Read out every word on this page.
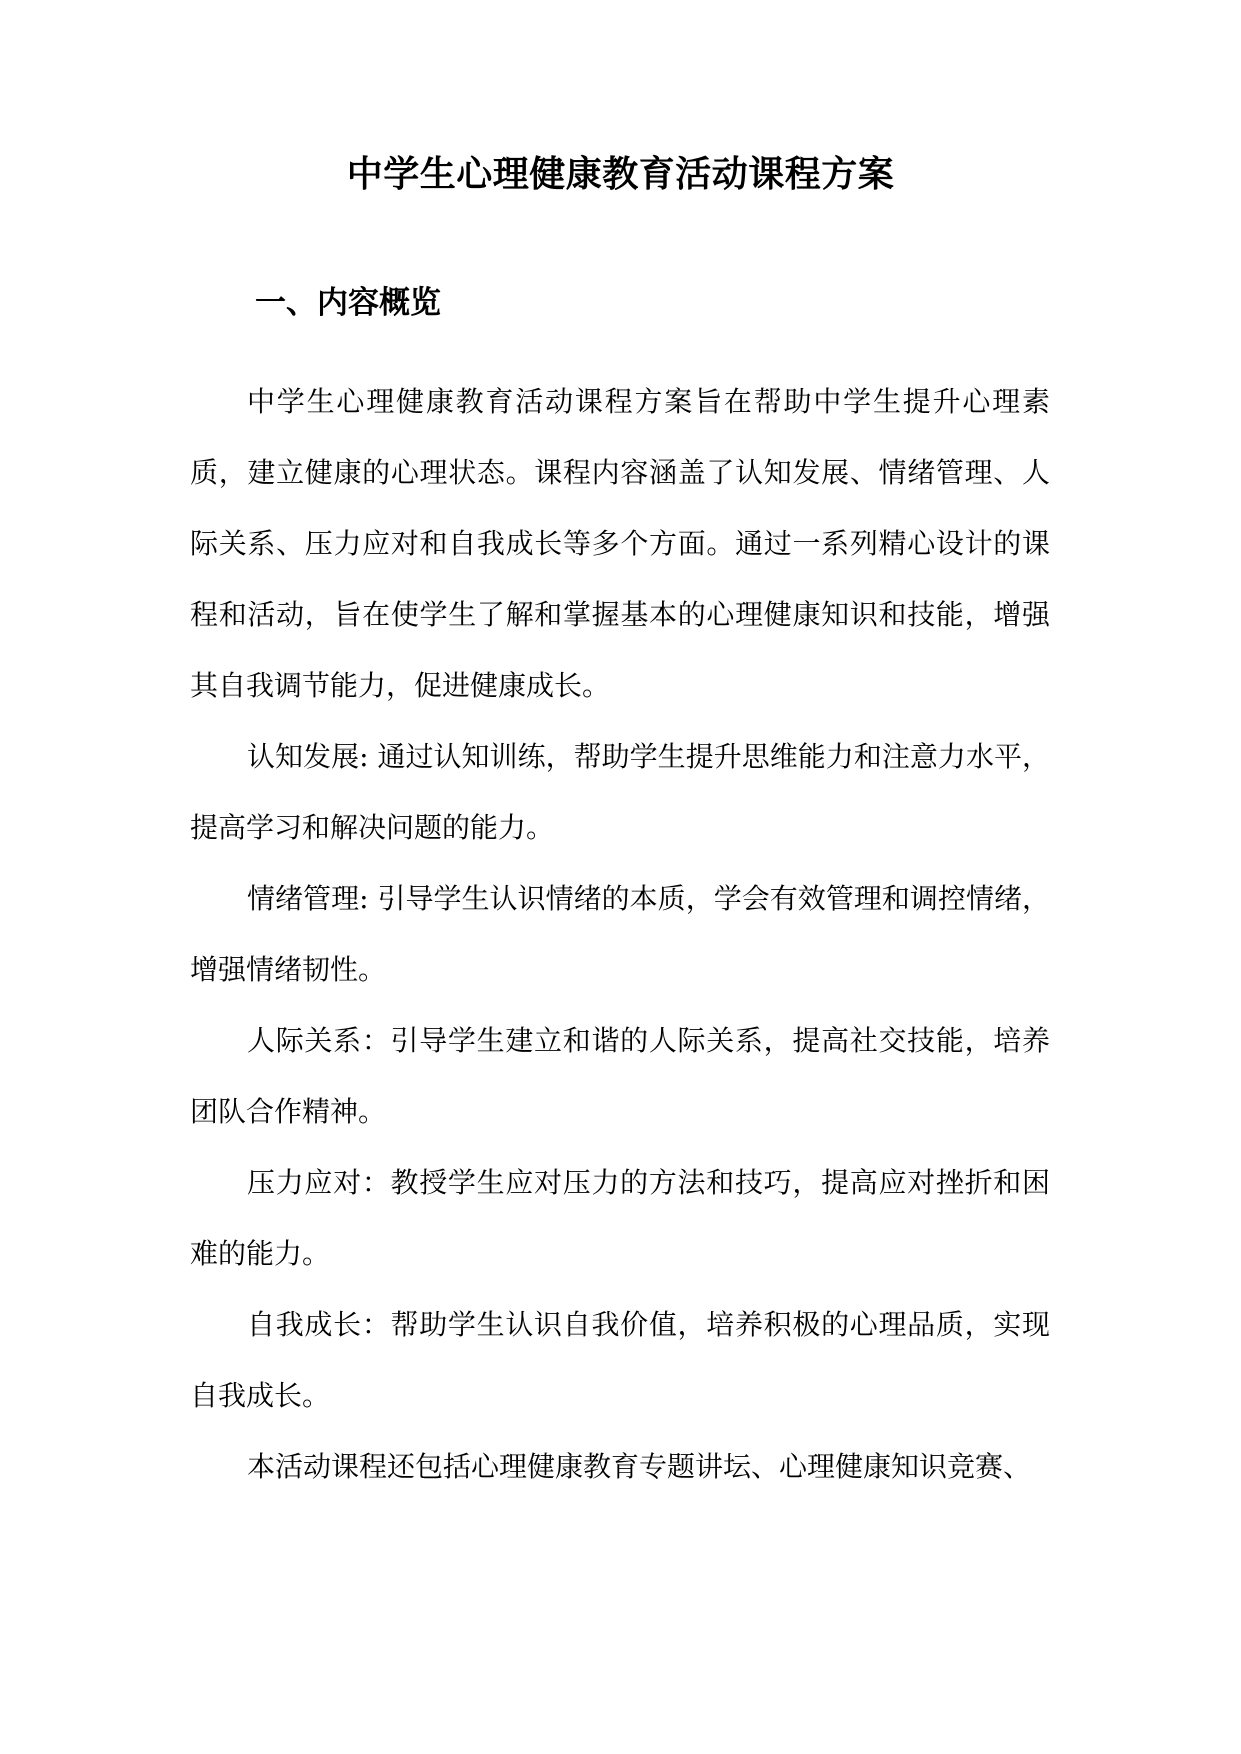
中学生心理健康教育活动课程方案
一、内容概览

中学生心理健康教育活动课程方案旨在帮助中学生提升心理素质，建立健康的心理状态。课程内容涵盖了认知发展、情绪管理、人际关系、压力应对和自我成长等多个方面。通过一系列精心设计的课程和活动，旨在使学生了解和掌握基本的心理健康知识和技能，增强其自我调节能力，促进健康成长。

认知发展: 通过认知训练，帮助学生提升思维能力和注意力水平，提高学习和解决问题的能力。

情绪管理: 引导学生认识情绪的本质，学会有效管理和调控情绪，增强情绪韧性。

人际关系：引导学生建立和谐的人际关系，提高社交技能，培养团队合作精神。

压力应对：教授学生应对压力的方法和技巧，提高应对挫折和困难的能力。

自我成长：帮助学生认识自我价值，培养积极的心理品质，实现自我成长。

本活动课程还包括心理健康教育专题讲坛、心理健康知识竞赛、
